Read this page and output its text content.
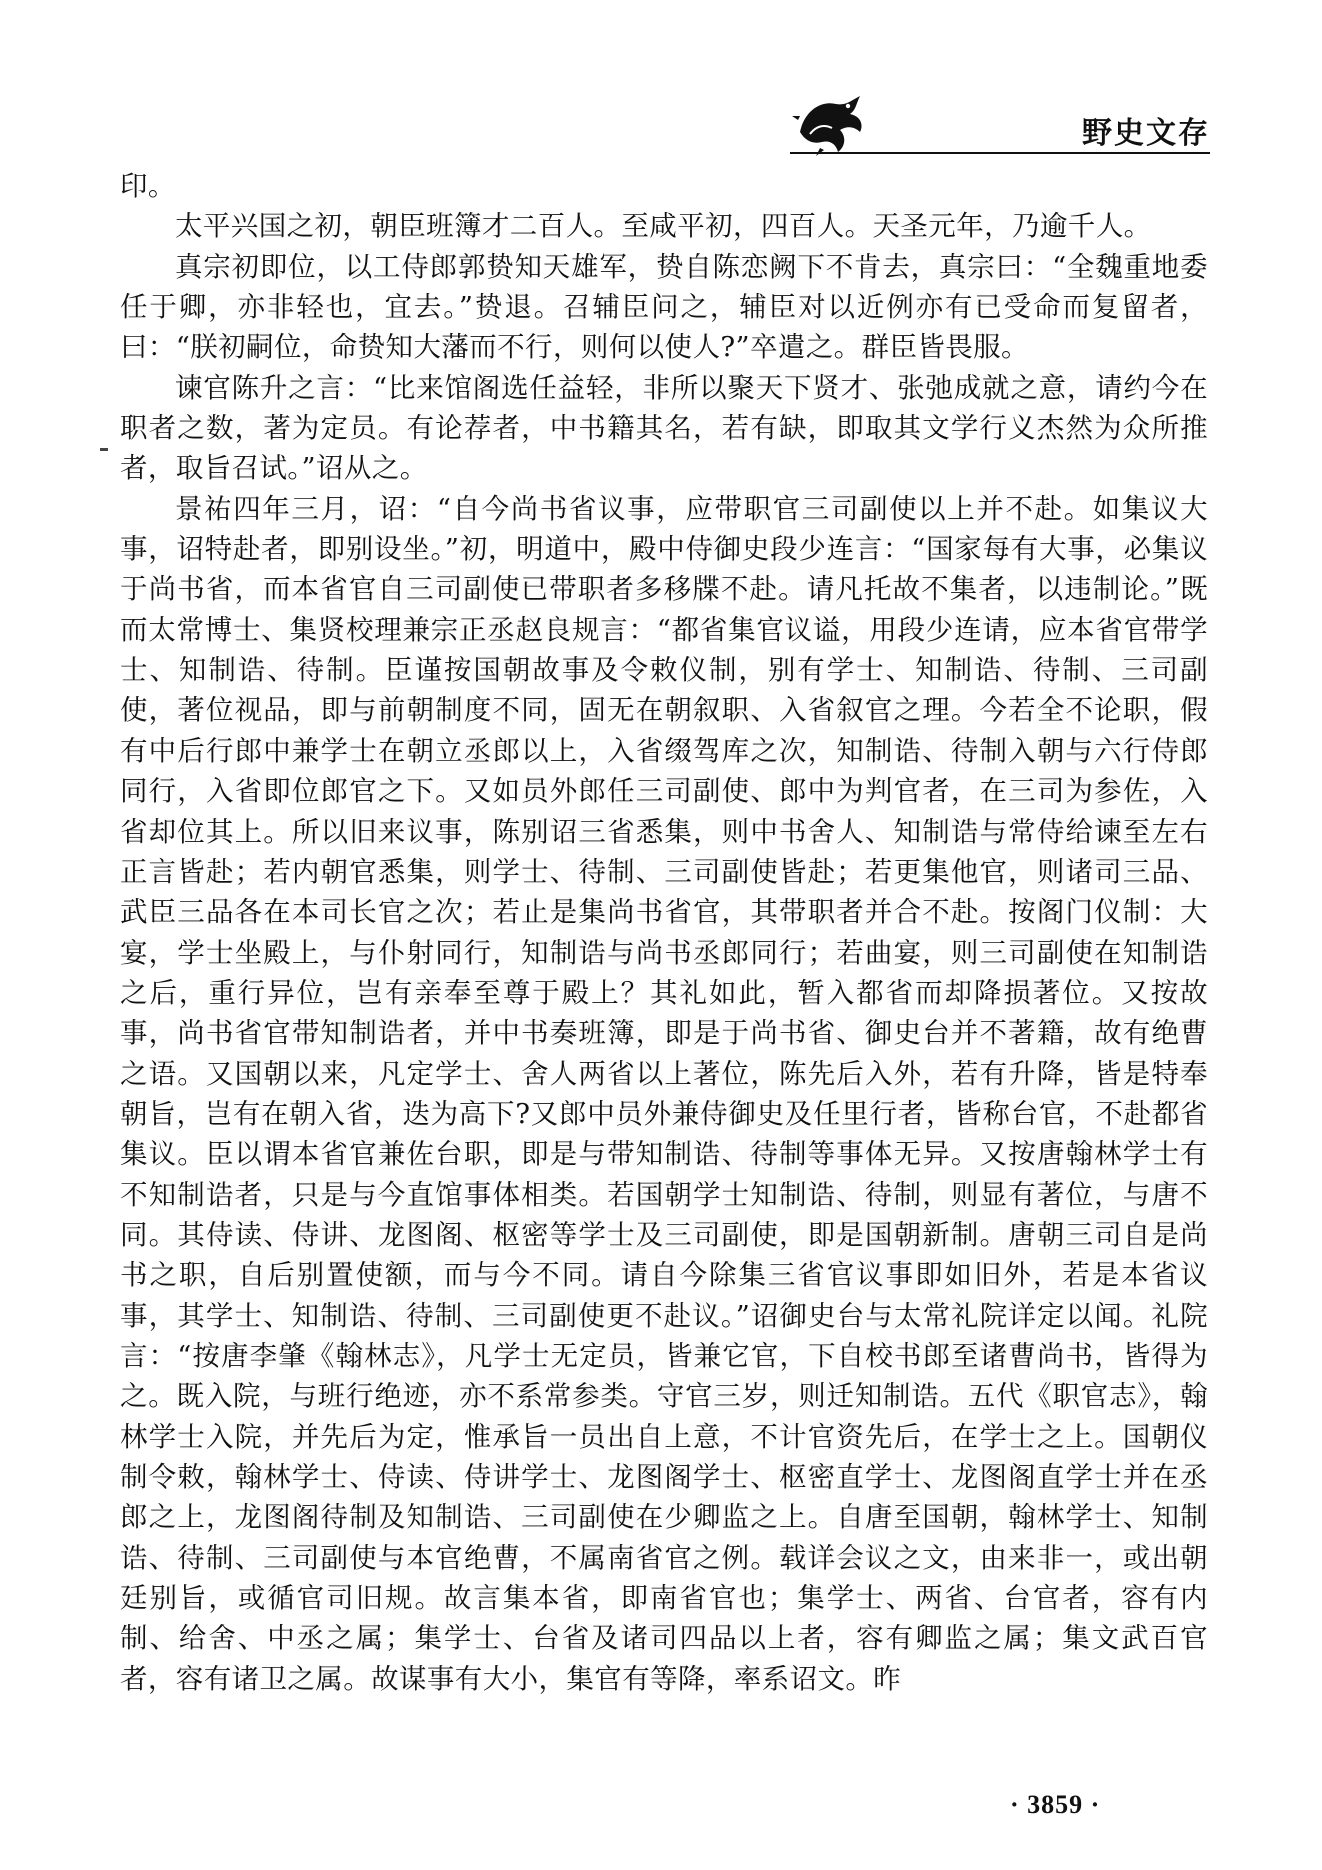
野史文存

印。

太平兴国之初，朝臣班簿才二百人。至咸平初，四百人。天圣元年，乃逾千人。

真宗初即位，以工侍郎郭贽知天雄军，贽自陈恋阙下不肯去，真宗曰：“全魏重地委任于卿，亦非轻也，宜去。”贽退。召辅臣问之，辅臣对以近例亦有已受命而复留者，曰：“朕初嗣位，命贽知大藩而不行，则何以使人?”卒遣之。群臣皆畏服。

谏官陈升之言：“比来馆阁选任益轻，非所以聚天下贤才、张弛成就之意，请约今在职者之数，著为定员。有论荐者，中书籍其名，若有缺，即取其文学行义杰然为众所推者，取旨召试。”诏从之。

景祐四年三月，诏：“自今尚书省议事，应带职官三司副使以上并不赴。如集议大事，诏特赴者，即别设坐。”初，明道中，殿中侍御史段少连言：“国家每有大事，必集议于尚书省，而本省官自三司副使已带职者多移牒不赴。请凡托故不集者，以违制论。”既而太常博士、集贤校理兼宗正丞赵良规言：“都省集官议谥，用段少连请，应本省官带学士、知制诰、待制。臣谨按国朝故事及令敕仪制，别有学士、知制诰、待制、三司副使，著位视品，即与前朝制度不同，固无在朝叙职、入省叙官之理。今若全不论职，假有中后行郎中兼学士在朝立丞郎以上，入省缀驾库之次，知制诰、待制入朝与六行侍郎同行，入省即位郎官之下。又如员外郎任三司副使、郎中为判官者，在三司为参佐，入省却位其上。所以旧来议事，陈别诏三省悉集，则中书舍人、知制诰与常侍给谏至左右正言皆赴；若内朝官悉集，则学士、待制、三司副使皆赴；若更集他官，则诸司三品、武臣三品各在本司长官之次；若止是集尚书省官，其带职者并合不赴。按阁门仪制：大宴，学士坐殿上，与仆射同行，知制诰与尚书丞郎同行；若曲宴，则三司副使在知制诰之后，重行异位，岂有亲奉至尊于殿上？其礼如此，暂入都省而却降损著位。又按故事，尚书省官带知制诰者，并中书奏班簿，即是于尚书省、御史台并不著籍，故有绝曹之语。又国朝以来，凡定学士、舍人两省以上著位，陈先后入外，若有升降，皆是特奉朝旨，岂有在朝入省，迭为高下?又郎中员外兼侍御史及任里行者，皆称台官，不赴都省集议。臣以谓本省官兼佐台职，即是与带知制诰、待制等事体无异。又按唐翰林学士有不知制诰者，只是与今直馆事体相类。若国朝学士知制诰、待制，则显有著位，与唐不同。其侍读、侍讲、龙图阁、枢密等学士及三司副使，即是国朝新制。唐朝三司自是尚书之职，自后别置使额，而与今不同。请自今除集三省官议事即如旧外，若是本省议事，其学士、知制诰、待制、三司副使更不赴议。”诏御史台与太常礼院详定以闻。礼院言：“按唐李肇《翰林志》，凡学士无定员，皆兼它官，下自校书郎至诸曹尚书，皆得为之。既入院，与班行绝迹，亦不系常参类。守官三岁，则迁知制诰。五代《职官志》，翰林学士入院，并先后为定，惟承旨一员出自上意，不计官资先后，在学士之上。国朝仪制令敕，翰林学士、侍读、侍讲学士、龙图阁学士、枢密直学士、龙图阁直学士并在丞郎之上，龙图阁待制及知制诰、三司副使在少卿监之上。自唐至国朝，翰林学士、知制诰、待制、三司副使与本官绝曹，不属南省官之例。载详会议之文，由来非一，或出朝廷别旨，或循官司旧规。故言集本省，即南省官也；集学士、两省、台官者，容有内制、给舍、中丞之属；集学士、台省及诸司四品以上者，容有卿监之属；集文武百官者，容有诸卫之属。故谋事有大小，集官有等降，率系诏文。昨

· 3859 ·
